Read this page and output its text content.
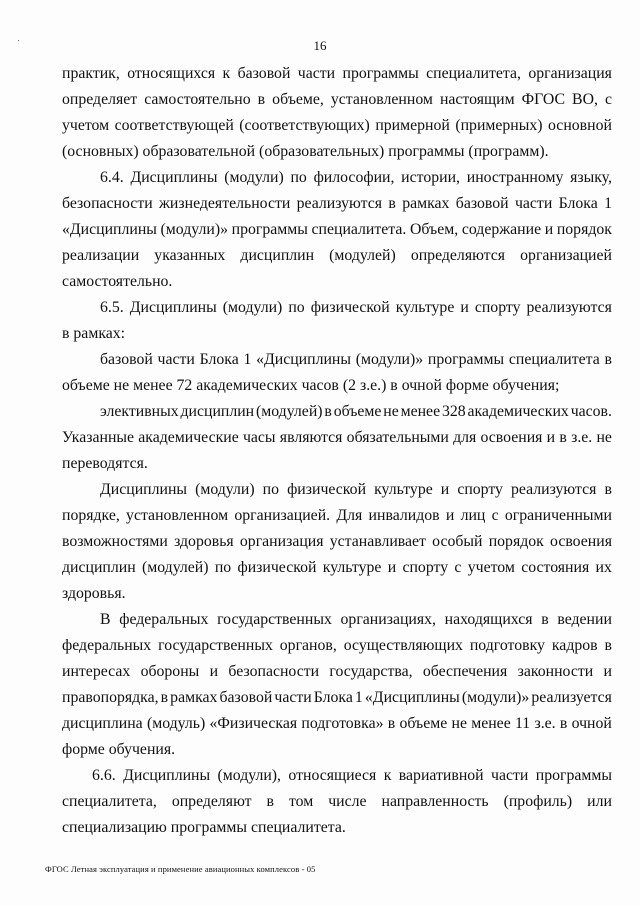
16
практик, относящихся к базовой части программы специалитета, организация
определяет самостоятельно в объеме, установленном настоящим ФГОС ВО, с
учетом соответствующей (соответствующих) примерной (примерных) основной
(основных) образовательной (образовательных) программы (программ).
6.4. Дисциплины (модули) по философии, истории, иностранному языку,
безопасности жизнедеятельности реализуются в рамках базовой части Блока 1
«Дисциплины (модули)» программы специалитета. Объем, содержание и порядок
реализации указанных дисциплин (модулей) определяются организацией
самостоятельно.
6.5. Дисциплины (модули) по физической культуре и спорту реализуются
в рамках:
базовой части Блока 1 «Дисциплины (модули)» программы специалитета в
объеме не менее 72 академических часов (2 з.е.) в очной форме обучения;
элективных дисциплин (модулей) в объеме не менее 328 академических часов.
Указанные академические часы являются обязательными для освоения и в з.е. не
переводятся.
Дисциплины (модули) по физической культуре и спорту реализуются в
порядке, установленном организацией. Для инвалидов и лиц с ограниченными
возможностями здоровья организация устанавливает особый порядок освоения
дисциплин (модулей) по физической культуре и спорту с учетом состояния их
здоровья.
В федеральных государственных организациях, находящихся в ведении
федеральных государственных органов, осуществляющих подготовку кадров в
интересах обороны и безопасности государства, обеспечения законности и
правопорядка, в рамках базовой части Блока 1 «Дисциплины (модули)» реализуется
дисциплина (модуль) «Физическая подготовка» в объеме не менее 11 з.е. в очной
форме обучения.
6.6. Дисциплины (модули), относящиеся к вариативной части программы
специалитета, определяют в том числе направленность (профиль) или
специализацию программы специалитета.
ФГОС Летная эксплуатация и применение авиационных комплексов - 05
